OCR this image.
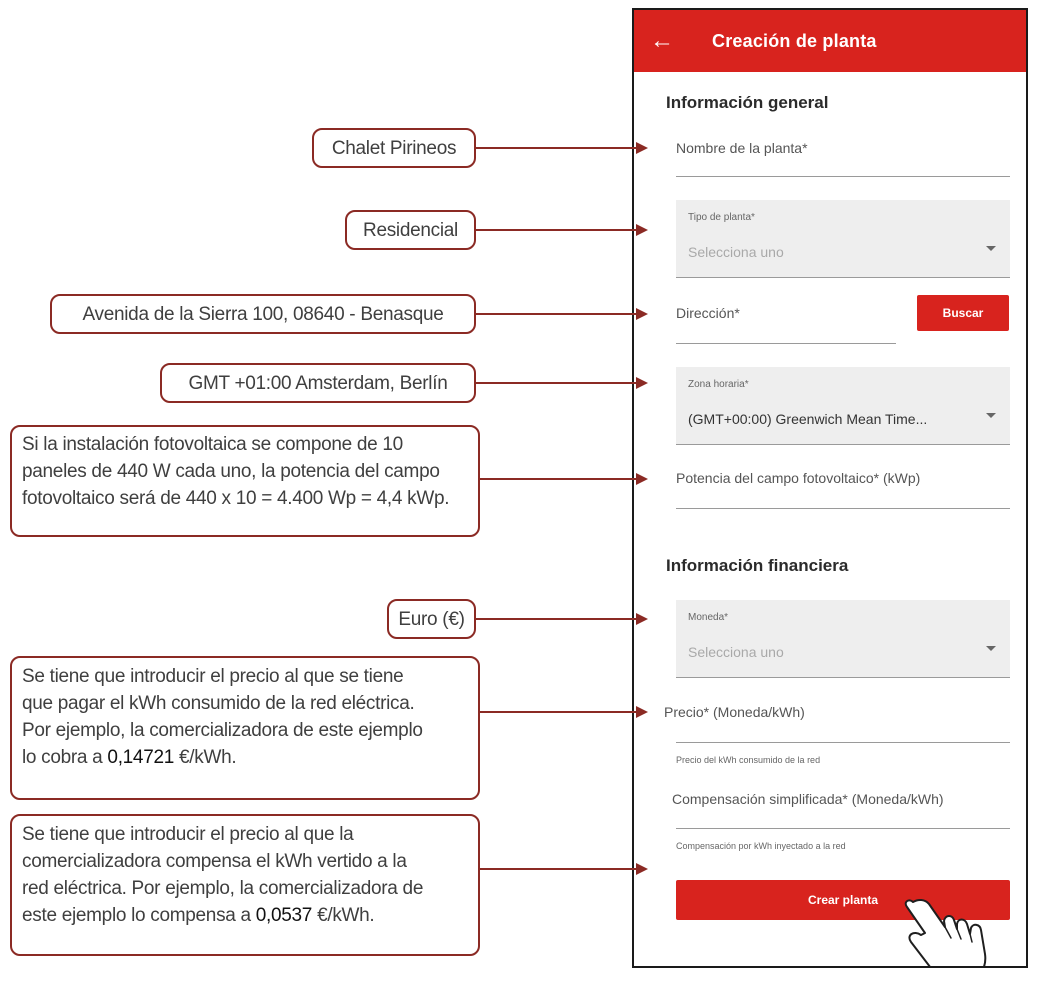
←	Creación de planta
Información general
Nombre de la planta*
Tipo de planta*
Selecciona uno
Dirección*	Buscar
Zona horaria*
(GMT+00:00) Greenwich Mean Time...
Potencia del campo fotovoltaico* (kWp)
Información financiera
Moneda*
Selecciona uno
Precio* (Moneda/kWh)
Precio del kWh consumido de la red
Compensación simplificada* (Moneda/kWh)
Compensación por kWh inyectado a la red
Crear planta
Chalet Pirineos
Residencial
Avenida de la Sierra 100, 08640 - Benasque
GMT +01:00 Amsterdam, Berlín
Si la instalación fotovoltaica se compone de 10
paneles de 440 W cada uno, la potencia del campo
fotovoltaico será de 440 x 10 = 4.400 Wp = 4,4 kWp.
Euro (€)
Se tiene que introducir el precio al que se tiene
que pagar el kWh consumido de la red eléctrica.
Por ejemplo, la comercializadora de este ejemplo
lo cobra a 0,14721 €/kWh.
Se tiene que introducir el precio al que la
comercializadora compensa el kWh vertido a la
red eléctrica. Por ejemplo, la comercializadora de
este ejemplo lo compensa a 0,0537 €/kWh.
